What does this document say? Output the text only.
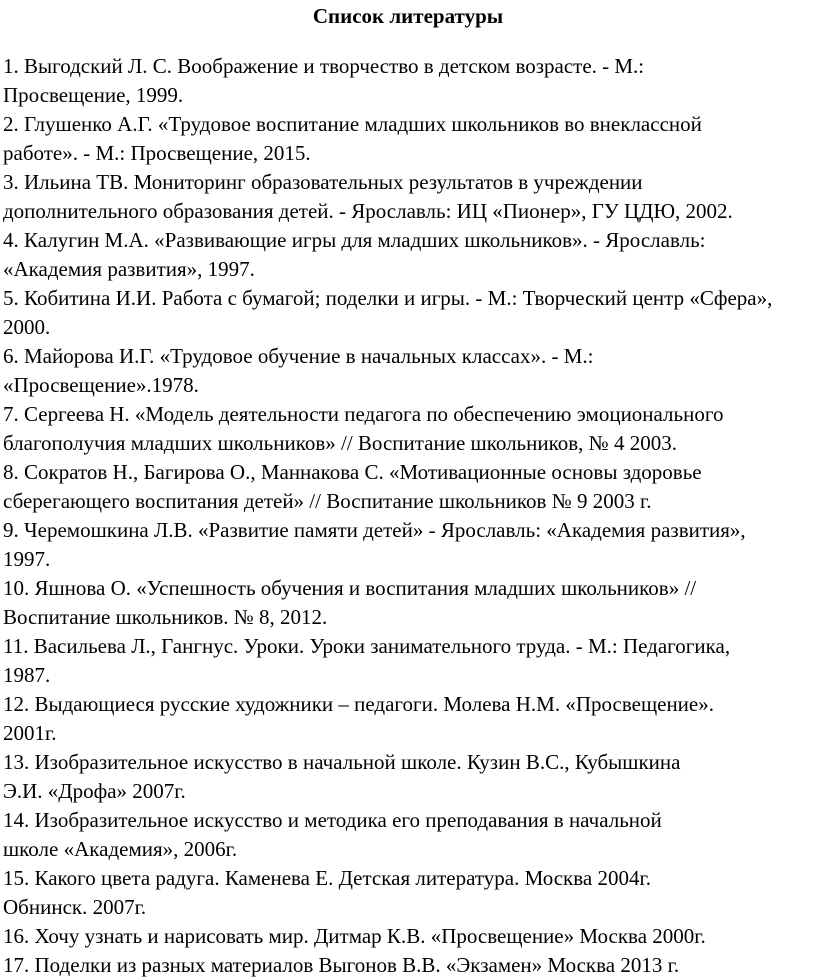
Список литературы
1. Выгодский Л. С. Воображение и творчество в детском возрасте. - М.:
Просвещение, 1999.
2. Глушенко А.Г. «Трудовое воспитание младших школьников во внеклассной
работе». - М.: Просвещение, 2015.
3. Ильина ТВ. Мониторинг образовательных результатов в учреждении
дополнительного образования детей. - Ярославль: ИЦ «Пионер», ГУ ЦДЮ, 2002.
4. Калугин М.А. «Развивающие игры для младших школьников». - Ярославль:
«Академия развития», 1997.
5. Кобитина И.И. Работа с бумагой; поделки и игры. - М.: Творческий центр «Сфера»,
2000.
6. Майорова И.Г. «Трудовое обучение в начальных классах». - М.:
«Просвещение».1978.
7. Сергеева Н. «Модель деятельности педагога по обеспечению эмоционального
благополучия младших школьников» // Воспитание школьников, № 4 2003.
8. Сократов Н., Багирова О., Маннакова С. «Мотивационные основы здоровье
сберегающего воспитания детей» // Воспитание школьников № 9 2003 г.
9. Черемошкина Л.В. «Развитие памяти детей» - Ярославль: «Академия развития»,
1997.
10. Яшнова О. «Успешность обучения и воспитания младших школьников» //
Воспитание школьников. № 8, 2012.
11. Васильева Л., Гангнус. Уроки. Уроки занимательного труда. - М.: Педагогика,
1987.
12. Выдающиеся русские художники – педагоги. Молева Н.М. «Просвещение».
2001г.
13. Изобразительное искусство в начальной школе. Кузин В.С., Кубышкина
Э.И. «Дрофа» 2007г.
14. Изобразительное искусство и методика его преподавания в начальной
школе «Академия», 2006г.
15. Какого цвета радуга. Каменева Е. Детская литература. Москва 2004г.
Обнинск. 2007г.
16. Хочу узнать и нарисовать мир. Дитмар К.В. «Просвещение» Москва 2000г.
17. Поделки из разных материалов Выгонов В.В. «Экзамен» Москва 2013 г.
